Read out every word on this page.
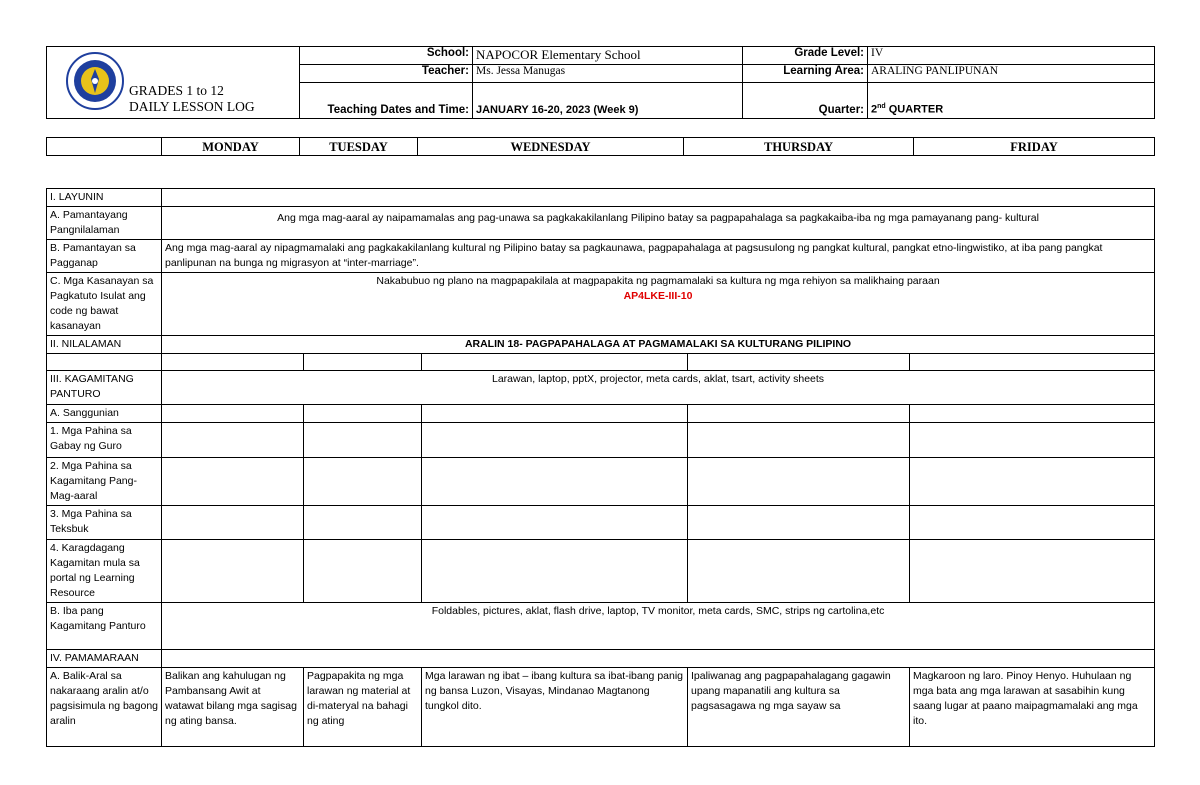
GRADES 1 to 12
DAILY LESSON LOG	School:	NAPOCOR Elementary School	Grade Level:	IV
	Teacher:	Ms. Jessa Manugas	Learning Area:	ARALING PANLIPUNAN
	Teaching Dates and Time:	JANUARY 16-20, 2023 (Week 9)	Quarter:	2nd QUARTER
	MONDAY	TUESDAY	WEDNESDAY	THURSDAY	FRIDAY
I. LAYUNIN					
A. Pamantayang Pangnilalaman	Ang mga mag-aaral ay naipamamalas ang pag-unawa sa pagkakakilanlang Pilipino batay sa pagpapahalaga sa pagkakaiba-iba ng mga pamayanang pang- kultural				
B. Pamantayan sa Pagganap	Ang mga mag-aaral ay nipagmamalaki ang pagkakakilanlang kultural ng Pilipino batay sa pagkaunawa, pagpapahalaga at pagsusulong ng pangkat kultural, pangkat etno-lingwistiko, at iba pang pangkat panlipunan na bunga ng migrasyon at “inter-marriage”.				
C. Mga Kasanayan sa Pagkatuto Isulat ang code ng bawat kasanayan	Nakabubuo ng plano na magpapakilala at magpapakita ng pagmamalaki sa kultura ng mga rehiyon sa malikhaing paraan
AP4LKE-III-10				

II. NILALAMAN	ARALIN 18- PAGPAPAHALAGA AT PAGMAMALAKI SA KULTURANG PILIPINO				

III. KAGAMITANG PANTURO	Larawan, laptop, pptX, projector, meta cards, aklat, tsart, activity sheets				
A. Sanggunian					
1. Mga Pahina sa Gabay ng Guro					
2. Mga Pahina sa Kagamitang Pang-Mag-aaral					
3. Mga Pahina sa Teksbuk					
4. Karagdagang Kagamitan mula sa portal ng Learning Resource					
B. Iba pang Kagamitang Panturo	Foldables, pictures, aklat, flash drive, laptop, TV monitor, meta cards, SMC, strips ng cartolina,etc				
IV. PAMAMARAAN					
A. Balik-Aral sa nakaraang aralin at/o pagsisimula ng bagong aralin	Balikan ang kahulugan ng Pambansang Awit at watawat bilang mga sagisag ng ating bansa.	Pagpapakita ng mga larawan ng material at di-materyal na bahagi ng ating	Mga larawan ng ibat – ibang kultura sa ibat-ibang panig ng bansa Luzon, Visayas, Mindanao Magtanong tungkol dito.	Ipaliwanag ang pagpapahalagang gagawin upang mapanatili ang kultura sa pagsasagawa ng mga sayaw sa	Magkaroon ng laro. Pinoy Henyo. Huhulaan ng mga bata ang mga larawan at sasabihin kung saang lugar at paano maipagmamalaki ang mga ito.
